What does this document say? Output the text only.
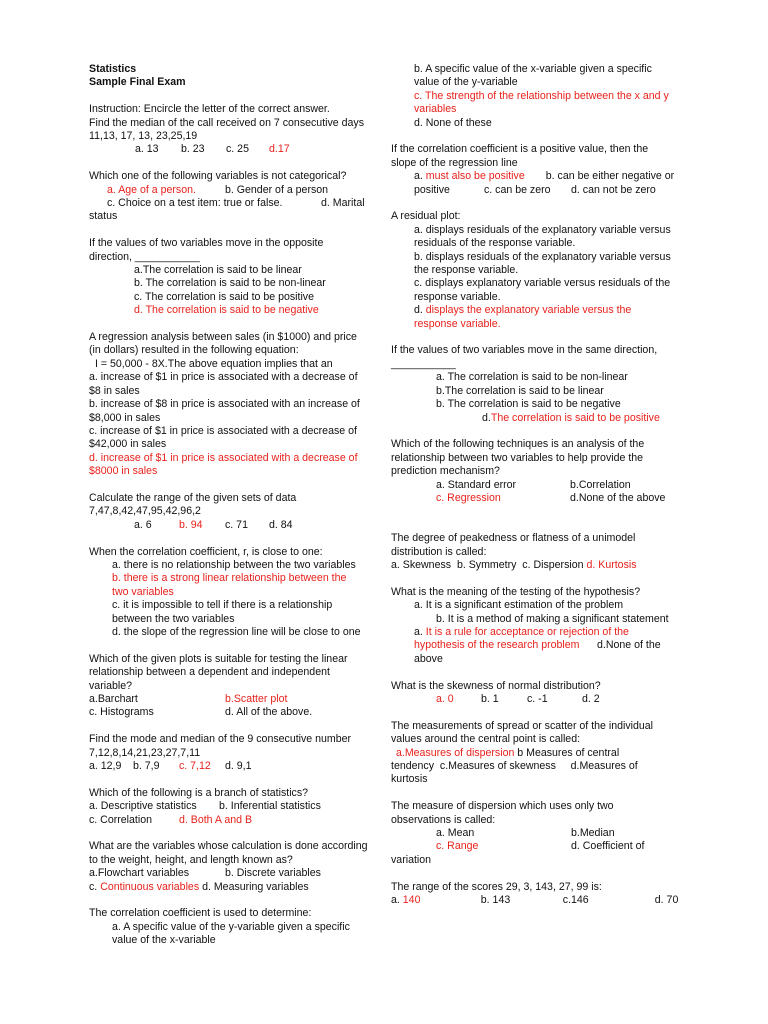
Statistics
Sample Final Exam
Instruction: Encircle the letter of the correct answer.
Find the median of the call received on 7 consecutive days
11,13, 17, 13, 23,25,19
a. 13 b. 23 c. 25 d.17
Which one of the following variables is not categorical?
a. Age of a person.	b. Gender of a person
c. Choice on a test item: true or false.	d. Marital
status
If the values of two variables move in the opposite
direction, ___________
a.The correlation is said to be linear
b. The correlation is said to be non-linear
c. The correlation is said to be positive
d. The correlation is said to be negative
A regression analysis between sales (in $1000) and price
(in dollars) resulted in the following equation:
I = 50,000 - 8X.The above equation implies that an
a. increase of $1 in price is associated with a decrease of
$8 in sales
b. increase of $8 in price is associated with an increase of
$8,000 in sales
c. increase of $1 in price is associated with a decrease of
$42,000 in sales
d. increase of $1 in price is associated with a decrease of
$8000 in sales
Calculate the range of the given sets of data
7,47,8,42,47,95,42,96,2
a. 6	b. 94 c. 71 d. 84
When the correlation coefficient, r, is close to one:
a. there is no relationship between the two variables
b. there is a strong linear relationship between the
two variables
c. it is impossible to tell if there is a relationship
between the two variables
d. the slope of the regression line will be close to one
Which of the given plots is suitable for testing the linear
relationship between a dependent and independent
variable?
a.Barchart	b.Scatter plot
c. Histograms	d. All of the above.
Find the mode and median of the 9 consecutive number
7,12,8,14,21,23,27,7,11
a. 12,9 b. 7,9 c. 7,12 d. 9,1
Which of the following is a branch of statistics?
a. Descriptive statistics b. Inferential statistics
c. Correlation	d. Both A and B
What are the variables whose calculation is done according
to the weight, height, and length known as?
a.Flowchart variables	b. Discrete variables
c. Continuous variables d. Measuring variables
The correlation coefficient is used to determine:
a. A specific value of the y-variable given a specific
value of the x-variable
b. A specific value of the x-variable given a specific
value of the y-variable
c. The strength of the relationship between the x and y
variables
d. None of these
If the correlation coefficient is a positive value, then the
slope of the regression line
a. must also be positive b. can be either negative or
positive	c. can be zero d. can not be zero
A residual plot:
a. displays residuals of the explanatory variable versus
residuals of the response variable.
b. displays residuals of the explanatory variable versus
the response variable.
c. displays explanatory variable versus residuals of the
response variable.
d. displays the explanatory variable versus the
response variable.
If the values of two variables move in the same direction,
___________
a. The correlation is said to be non-linear
b.The correlation is said to be linear
b. The correlation is said to be negative
d.The correlation is said to be positive
Which of the following techniques is an analysis of the
relationship between two variables to help provide the
prediction mechanism?
a. Standard error	b.Correlation
c. Regression	d.None of the above
The degree of peakedness or flatness of a unimodel
distribution is called:
a. Skewness  b. Symmetry  c. Dispersion d. Kurtosis
What is the meaning of the testing of the hypothesis?
a. It is a significant estimation of the problem
b. It is a method of making a significant statement
a. It is a rule for acceptance or rejection of the
hypothesis of the research problem d.None of the
above
What is the skewness of normal distribution?
a. 0	b. 1	c. -1	d. 2
The measurements of spread or scatter of the individual
values around the central point is called:
a.Measures of dispersion b Measures of central
tendency c.Measures of skewness d.Measures of
kurtosis
The measure of dispersion which uses only two
observations is called:
a. Mean	b.Median
c. Range	d. Coefficient of
variation
The range of the scores 29, 3, 143, 27, 99 is:
a. 140	b. 143	c.146	d. 70
